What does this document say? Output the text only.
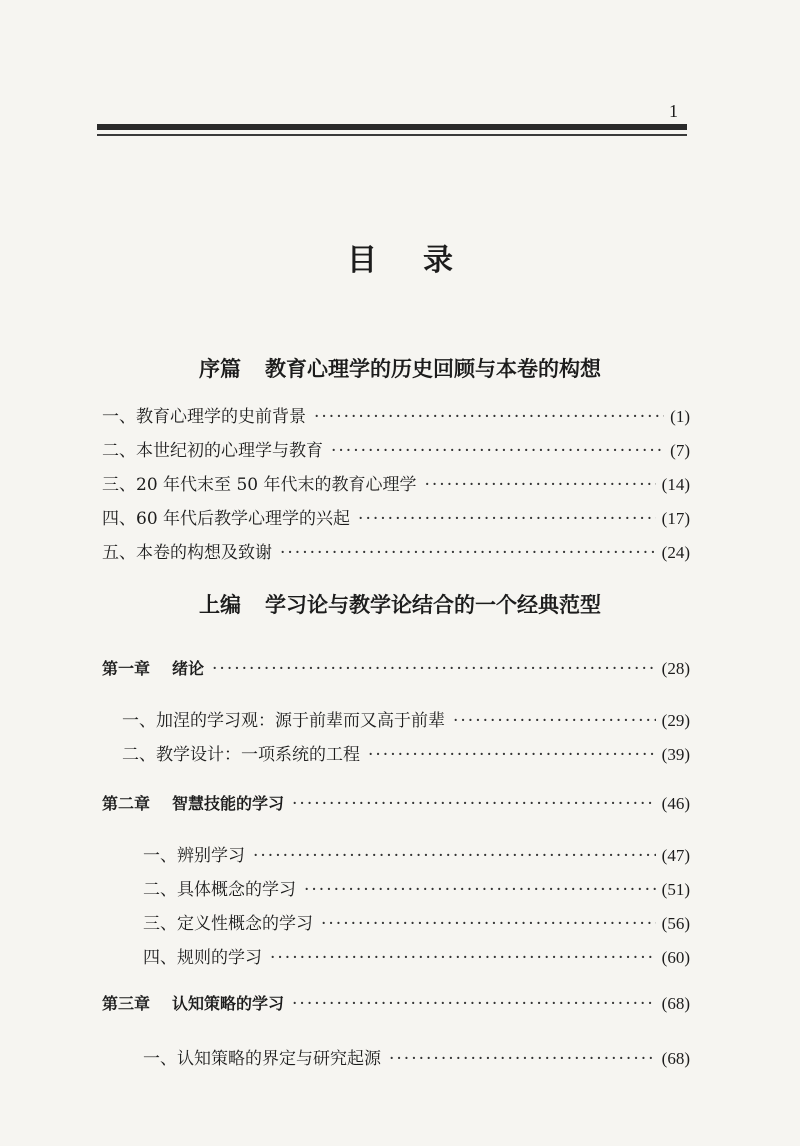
1
目录
序篇 教育心理学的历史回顾与本卷的构想
一、教育心理学的史前背景 ·····	(1)
二、本世纪初的心理学与教育 ·····	(7)
三、20 年代末至 50 年代末的教育心理学 ·····	(14)
四、60 年代后教学心理学的兴起 ·····	(17)
五、本卷的构想及致谢 ·····	(24)
上编 学习论与教学论结合的一个经典范型
第一章 绪论 ·····	(28)
一、加涅的学习观：源于前辈而又高于前辈 ·····	(29)
二、教学设计：一项系统的工程 ·····	(39)
第二章 智慧技能的学习 ·····	(46)
一、辨别学习 ·····	(47)
二、具体概念的学习 ·····	(51)
三、定义性概念的学习 ·····	(56)
四、规则的学习 ·····	(60)
第三章 认知策略的学习 ·····	(68)
一、认知策略的界定与研究起源 ·····	(68)
